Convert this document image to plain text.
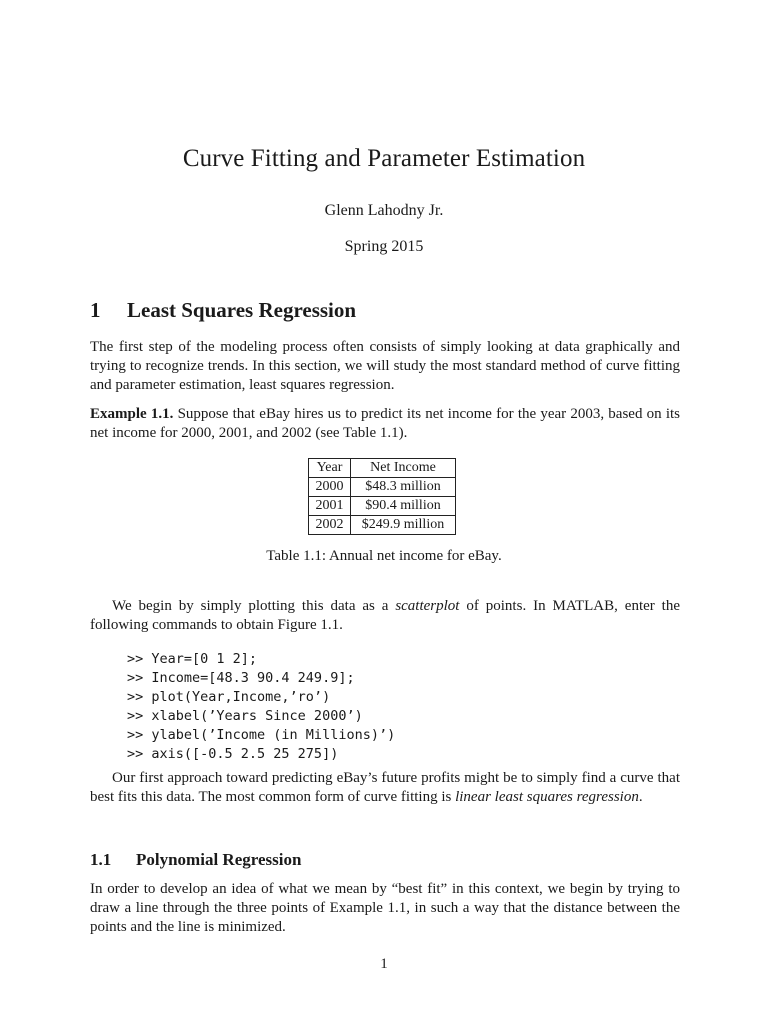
Curve Fitting and Parameter Estimation
Glenn Lahodny Jr.
Spring 2015
1 Least Squares Regression

The first step of the modeling process often consists of simply looking at data graphically and trying to recognize trends. In this section, we will study the most standard method of curve fitting and parameter estimation, least squares regression.

Example 1.1. Suppose that eBay hires us to predict its net income for the year 2003, based on its net income for 2000, 2001, and 2002 (see Table 1.1).

Year	Net Income
2000	$48.3 million
2001	$90.4 million
2002	$249.9 million
Table 1.1: Annual net income for eBay.

We begin by simply plotting this data as a scatterplot of points. In MATLAB, enter the following commands to obtain Figure 1.1.

>> Year=[0 1 2];
>> Income=[48.3 90.4 249.9];
>> plot(Year,Income,’ro’)
>> xlabel(’Years Since 2000’)
>> ylabel(’Income (in Millions)’)
>> axis([-0.5 2.5 25 275])

Our first approach toward predicting eBay’s future profits might be to simply find a curve that best fits this data. The most common form of curve fitting is linear least squares regression.

1.1 Polynomial Regression

In order to develop an idea of what we mean by “best fit” in this context, we begin by trying to draw a line through the three points of Example 1.1, in such a way that the distance between the points and the line is minimized.

1
